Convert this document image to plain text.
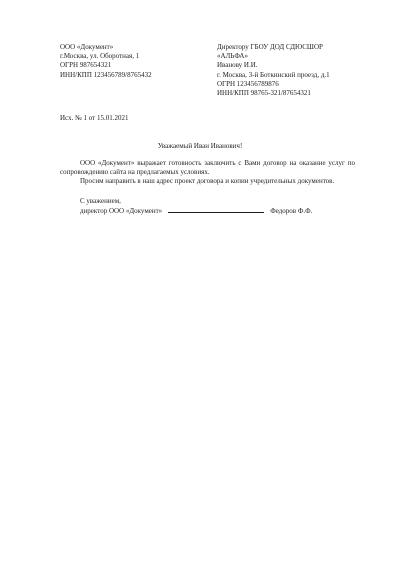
ООО «Документ»
г.Москва, ул. Оборотная, 1
ОГРН 987654321
ИНН/КПП 123456789/8765432
Директору ГБОУ ДОД СДЮСШОР
«АЛЬФА»
Иванову И.И.
г. Москва, 3-й Боткинский проезд, д.1
ОГРН 123456789876
ИНН/КПП 98765-321/87654321
Исх. № 1 от 15.01.2021
Уважаемый Иван Иванович!

ООО «Документ» выражает готовность заключить с Вами договор на оказание услуг по сопровождению сайта на предлагаемых условиях.

Просим направить в наш адрес проект договора и копии учредительных документов.

С уважением,
директор ООО «Документ»	Федоров Ф.Ф.
